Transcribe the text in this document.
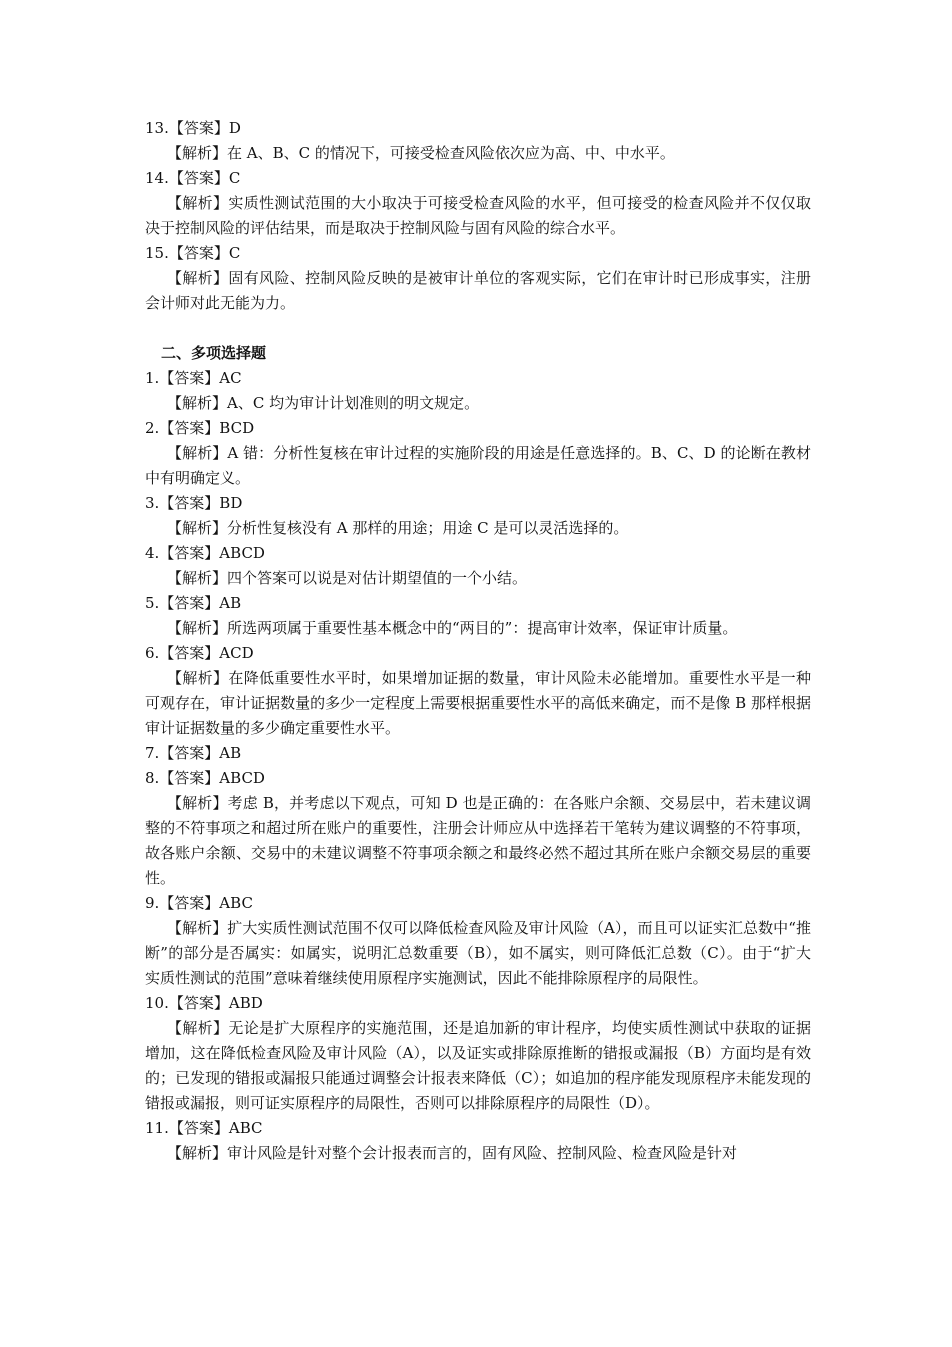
13.【答案】D

【解析】在 A、B、C 的情况下，可接受检查风险依次应为高、中、中水平。

14.【答案】C

【解析】实质性测试范围的大小取决于可接受检查风险的水平，但可接受的检查风险并不仅仅取决于控制风险的评估结果，而是取决于控制风险与固有风险的综合水平。

15.【答案】C

【解析】固有风险、控制风险反映的是被审计单位的客观实际，它们在审计时已形成事实，注册会计师对此无能为力。

二、多项选择题

1.【答案】AC

【解析】A、C 均为审计计划准则的明文规定。

2.【答案】BCD

【解析】A 错：分析性复核在审计过程的实施阶段的用途是任意选择的。B、C、D 的论断在教材中有明确定义。

3.【答案】BD

【解析】分析性复核没有 A 那样的用途；用途 C 是可以灵活选择的。

4.【答案】ABCD

【解析】四个答案可以说是对估计期望值的一个小结。

5.【答案】AB

【解析】所选两项属于重要性基本概念中的“两目的”：提高审计效率，保证审计质量。

6.【答案】ACD

【解析】在降低重要性水平时，如果增加证据的数量，审计风险未必能增加。重要性水平是一种可观存在，审计证据数量的多少一定程度上需要根据重要性水平的高低来确定，而不是像 B 那样根据审计证据数量的多少确定重要性水平。

7.【答案】AB

8.【答案】ABCD

【解析】考虑 B，并考虑以下观点，可知 D 也是正确的：在各账户余额、交易层中，若未建议调整的不符事项之和超过所在账户的重要性，注册会计师应从中选择若干笔转为建议调整的不符事项，故各账户余额、交易中的未建议调整不符事项余额之和最终必然不超过其所在账户余额交易层的重要性。

9.【答案】ABC

【解析】扩大实质性测试范围不仅可以降低检查风险及审计风险（A），而且可以证实汇总数中“推断”的部分是否属实：如属实，说明汇总数重要（B），如不属实，则可降低汇总数（C）。由于“扩大实质性测试的范围”意味着继续使用原程序实施测试，因此不能排除原程序的局限性。

10.【答案】ABD

【解析】无论是扩大原程序的实施范围，还是追加新的审计程序，均使实质性测试中获取的证据增加，这在降低检查风险及审计风险（A），以及证实或排除原推断的错报或漏报（B）方面均是有效的；已发现的错报或漏报只能通过调整会计报表来降低（C）；如追加的程序能发现原程序未能发现的错报或漏报，则可证实原程序的局限性，否则可以排除原程序的局限性（D）。

11.【答案】ABC

【解析】审计风险是针对整个会计报表而言的，固有风险、控制风险、检查风险是针对
